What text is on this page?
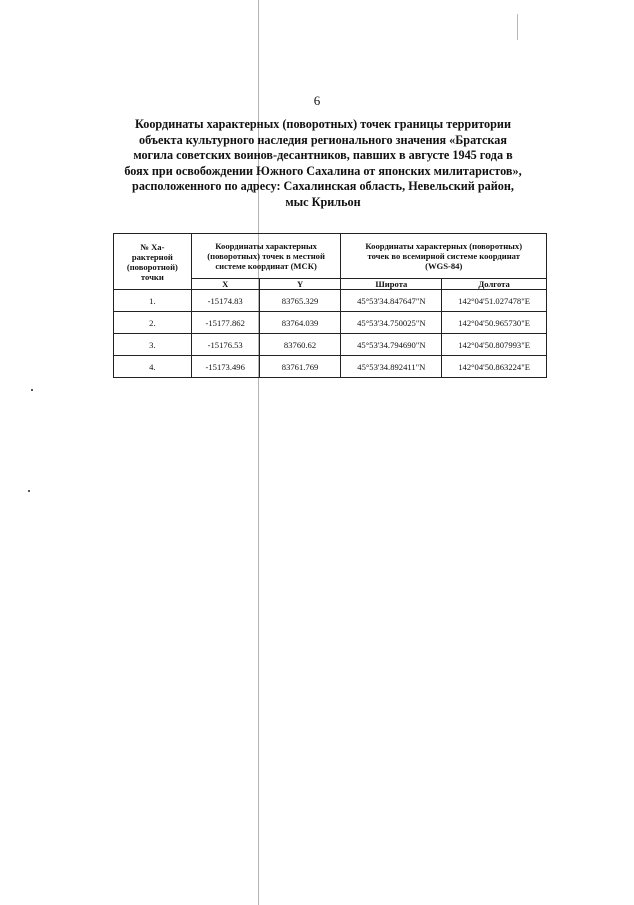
6
Координаты характерных (поворотных) точек границы территории
объекта культурного наследия регионального значения «Братская
могила советских воинов-десантников, павших в августе 1945 года в
боях при освобождении Южного Сахалина от японских милитаристов»,
расположенного по адресу: Сахалинская область, Невельский район,
мыс Крильон
№ Ха-
рактерной
(поворотной)
точки	Координаты характерных
(поворотных) точек в местной
системе координат (МСК)		Координаты характерных (поворотных)
точек во всемирной системе координат
(WGS-84)	

	X	Y	Широта	Долгота
1.	-15174.83	83765.329	45°53'34.847647"N	142°04'51.027478"E
2.	-15177.862	83764.039	45°53'34.750025"N	142°04'50.965730"E
3.	-15176.53	83760.62	45°53'34.794690"N	142°04'50.807993"E
4.	-15173.496	83761.769	45°53'34.892411"N	142°04'50.863224"E
